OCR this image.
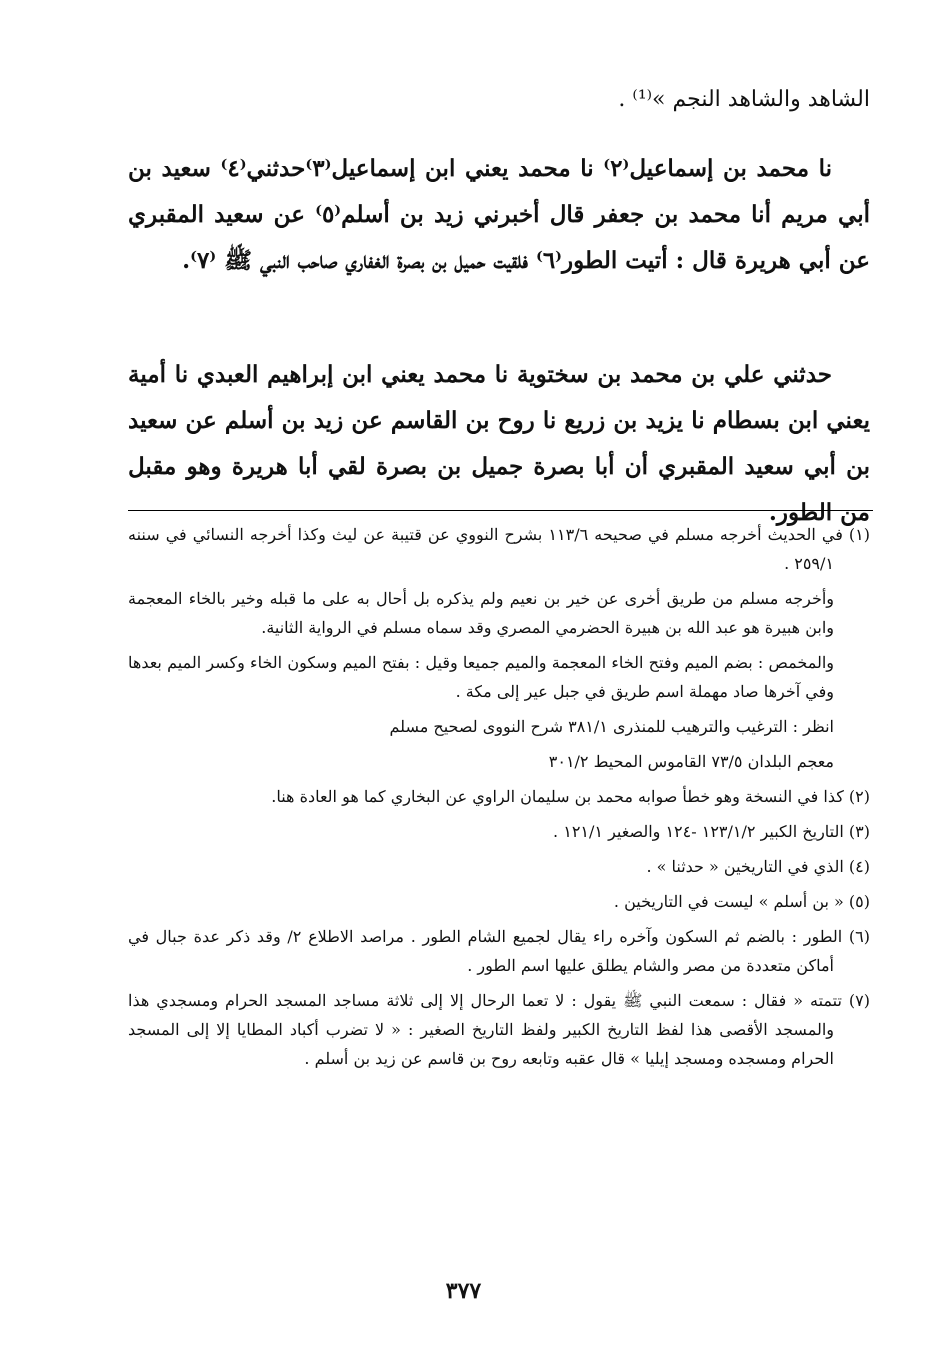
الشاهد والشاهد النجم »⁽¹⁾ .
نا محمد بن إسماعيل⁽٢⁾ نا محمد يعني ابن إسماعيل⁽٣⁾حدثني⁽٤⁾ سعيد بن أبي مريم أنا محمد بن جعفر قال أخبرني زيد بن أسلم⁽٥⁾ عن سعيد المقبري عن أبي هريرة قال : أتيت الطور⁽٦⁾ فلقيت حميل بن بصرة الغفاري صاحب النبي ﷺ ⁽٧⁾.
حدثني علي بن محمد بن سختوية نا محمد يعني ابن إبراهيم العبدي نا أمية يعني ابن بسطام نا يزيد بن زريع نا روح بن القاسم عن زيد بن أسلم عن سعيد بن أبي سعيد المقبري أن أبا بصرة جميل بن بصرة لقي أبا هريرة وهو مقبل من الطور.
(١) في الحديث أخرجه مسلم في صحيحه ١١٣/٦ بشرح النووي عن قتيبة عن ليث وكذا أخرجه النسائي في سننه ٢٥٩/١ .
وأخرجه مسلم من طريق أخرى عن خير بن نعيم ولم يذكره بل أحال به على ما قبله وخير بالخاء المعجمة وابن هبيرة هو عبد الله بن هبيرة الحضرمي المصري وقد سماه مسلم في الرواية الثانية.
والمخمص : بضم الميم وفتح الخاء المعجمة والميم جميعا وقيل : بفتح الميم وسكون الخاء وكسر الميم بعدها وفي آخرها صاد مهملة اسم طريق في جبل عير إلى مكة .
انظر : الترغيب والترهيب للمنذرى ٣٨١/١ شرح النووى لصحيح مسلم
معجم البلدان ٧٣/٥ القاموس المحيط ٣٠١/٢
(٢) كذا في النسخة وهو خطأ صوابه محمد بن سليمان الراوي عن البخاري كما هو العادة هنا.
(٣) التاريخ الكبير ١٢٣/١/٢ -١٢٤ والصغير ١٢١/١ .
(٤) الذي في التاريخين « حدثنا » .
(٥) « بن أسلم » ليست في التاريخين .
(٦) الطور : بالضم ثم السكون وآخره راء يقال لجميع الشام الطور . مراصد الاطلاع ٢/ وقد ذكر عدة جبال في أماكن متعددة من مصر والشام يطلق عليها اسم الطور .
(٧) تتمته « فقال : سمعت النبي ﷺ يقول : لا تعما الرحال إلا إلى ثلاثة مساجد المسجد الحرام ومسجدي هذا والمسجد الأقصى هذا لفظ التاريخ الكبير ولفظ التاريخ الصغير : « لا تضرب أكباد المطايا إلا إلى المسجد الحرام ومسجده ومسجد إيليا » قال عقبه وتابعه روح بن قاسم عن زيد بن أسلم .
٣٧٧
